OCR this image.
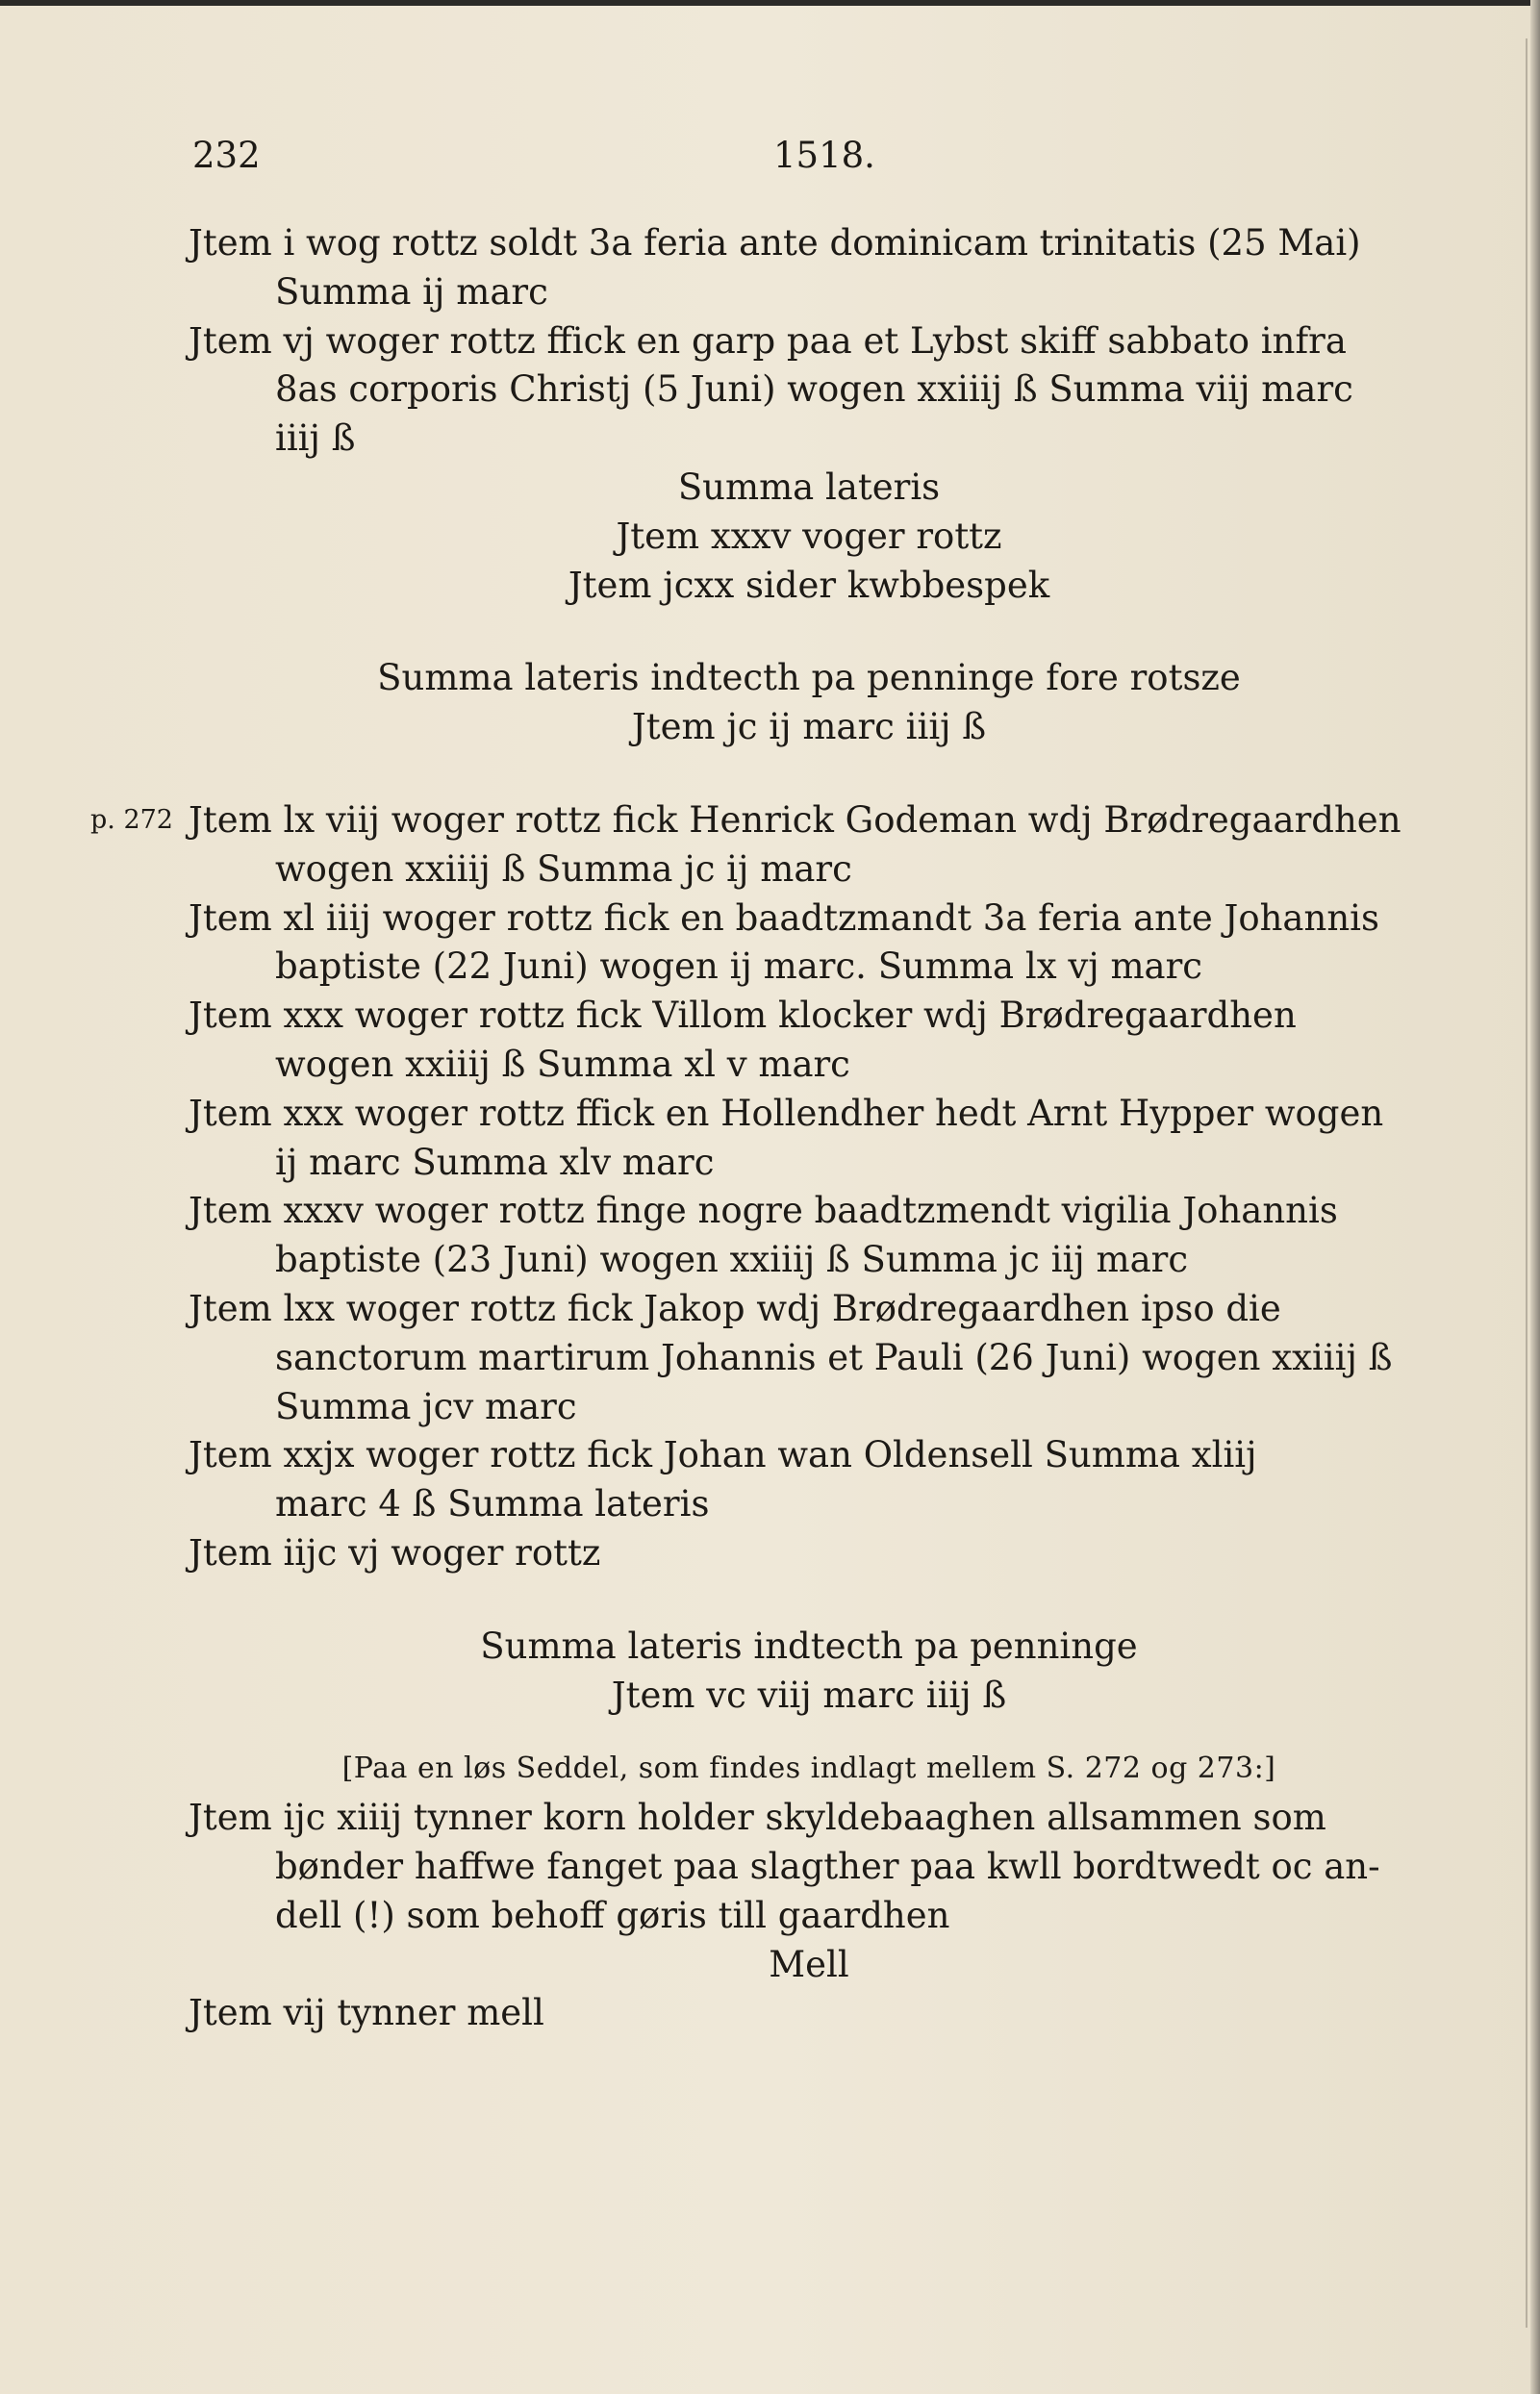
232	1518.
Jtem i wog rottz soldt 3a feria ante dominicam trinitatis (25 Mai)
Summa ij marc
Jtem vj woger rottz ffick en garp paa et Lybst skiff sabbato infra
8as corporis Christj (5 Juni) wogen xxiiij ß Summa viij marc
iiij ß
Summa lateris
Jtem xxxv voger rottz
Jtem jcxx sider kwbbespek
Summa lateris indtecth pa penninge fore rotsze
Jtem jc ij marc iiij ß
Jtem lx viij woger rottz fick Henrick Godeman wdj Brødregaardhen
p. 272
wogen xxiiij ß Summa jc ij marc
Jtem xl iiij woger rottz fick en baadtzmandt 3a feria ante Johannis
baptiste (22 Juni) wogen ij marc. Summa lx vj marc
Jtem xxx woger rottz fick Villom klocker wdj Brødregaardhen
wogen xxiiij ß Summa xl v marc
Jtem xxx woger rottz ffick en Hollendher hedt Arnt Hypper wogen
ij marc Summa xlv marc
Jtem xxxv woger rottz finge nogre baadtzmendt vigilia Johannis
baptiste (23 Juni) wogen xxiiij ß Summa jc iij marc
Jtem lxx woger rottz fick Jakop wdj Brødregaardhen ipso die
sanctorum martirum Johannis et Pauli (26 Juni) wogen xxiiij ß
Summa jcv marc
Jtem xxjx woger rottz fick Johan wan Oldensell Summa xliij
marc 4 ß Summa lateris
Jtem iijc vj woger rottz
Summa lateris indtecth pa penninge
Jtem vc viij marc iiij ß
[Paa en løs Seddel, som findes indlagt mellem S. 272 og 273:]
Jtem ijc xiiij tynner korn holder skyldebaaghen allsammen som
bønder haffwe fanget paa slagther paa kwll bordtwedt oc an-
dell (!) som behoff gøris till gaardhen
Mell
Jtem vij tynner mell
